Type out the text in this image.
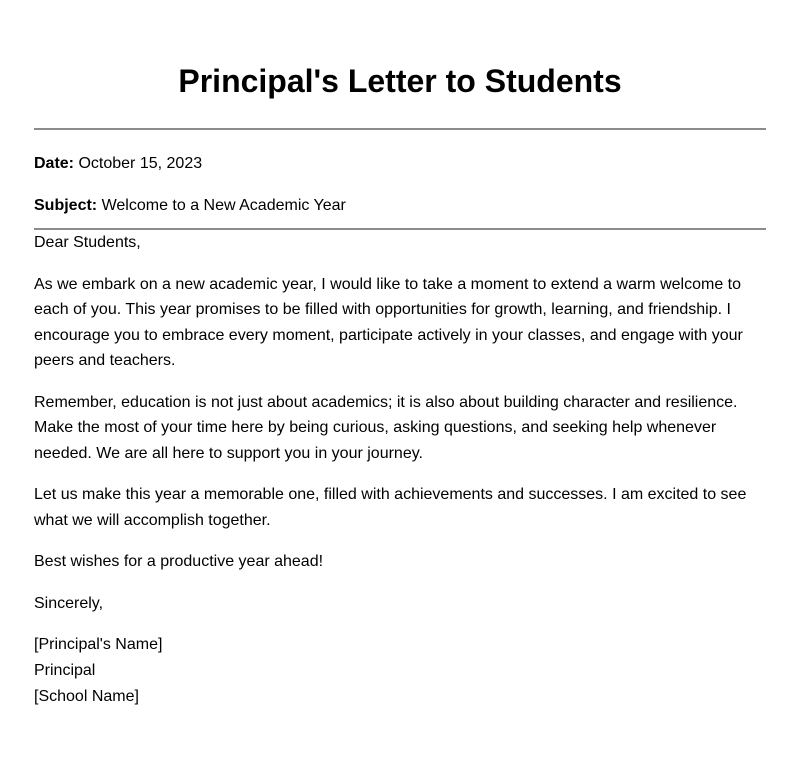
Principal's Letter to Students
Date: October 15, 2023
Subject: Welcome to a New Academic Year

Dear Students,

As we embark on a new academic year, I would like to take a moment to extend a warm welcome to each of you. This year promises to be filled with opportunities for growth, learning, and friendship. I encourage you to embrace every moment, participate actively in your classes, and engage with your peers and teachers.

Remember, education is not just about academics; it is also about building character and resilience. Make the most of your time here by being curious, asking questions, and seeking help whenever needed. We are all here to support you in your journey.

Let us make this year a memorable one, filled with achievements and successes. I am excited to see what we will accomplish together.

Best wishes for a productive year ahead!

Sincerely,

[Principal's Name]
Principal
[School Name]
